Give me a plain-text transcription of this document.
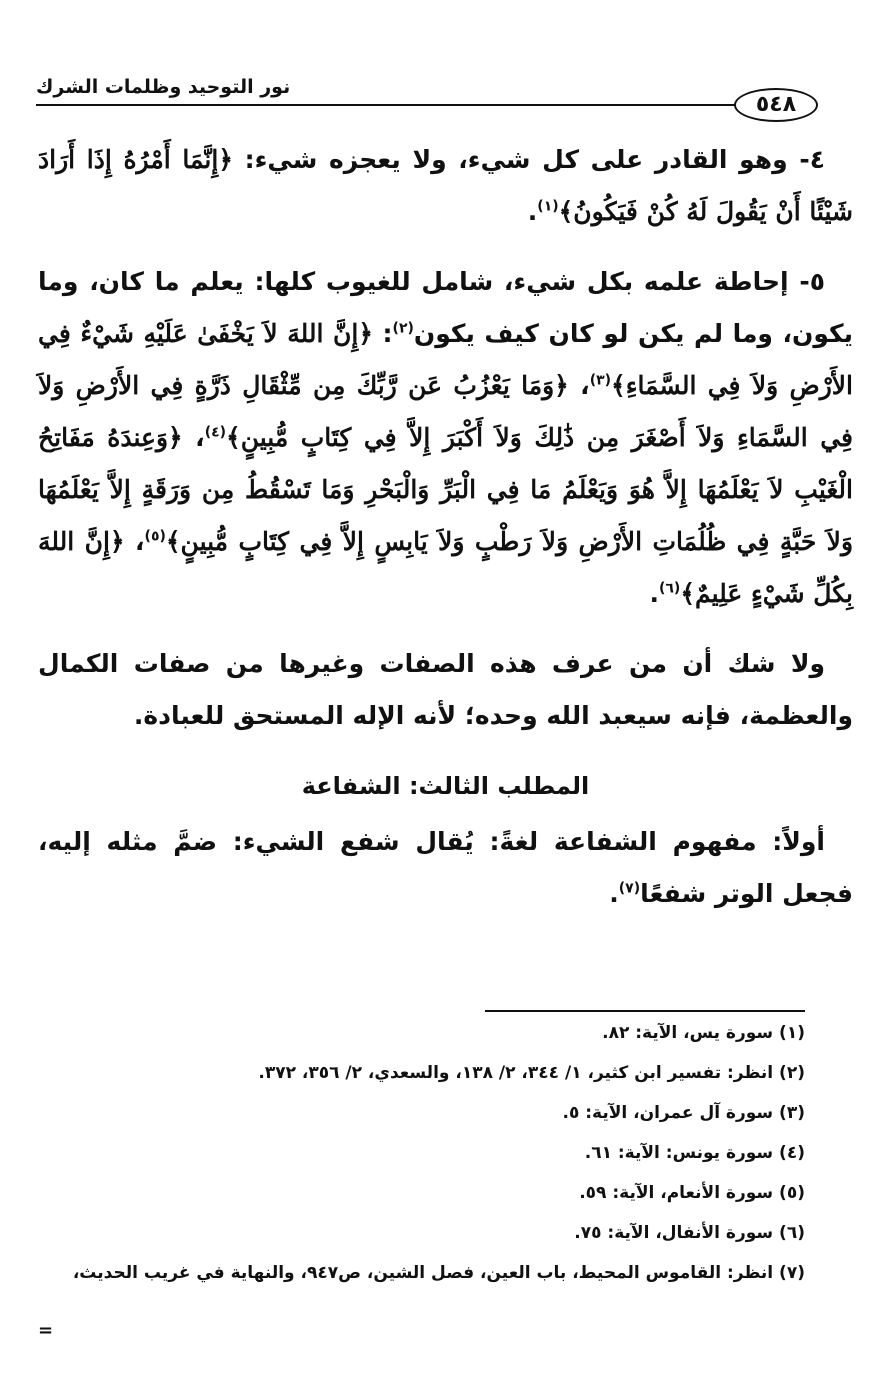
نور التوحيد وظلمات الشرك
٥٤٨

٤- وهو القادر على كل شيء، ولا يعجزه شيء: ﴿إِنَّمَا أَمْرُهُ إِذَا أَرَادَ شَيْئًا أَنْ يَقُولَ لَهُ كُنْ فَيَكُونُ﴾$^{(١)}$.

٥- إحاطة علمه بكل شيء، شامل للغيوب كلها: يعلم ما كان، وما يكون، وما لم يكن لو كان كيف يكون$^{(٢)}$: ﴿إِنَّ اللهَ لاَ يَخْفَىٰ عَلَيْهِ شَيْءٌ فِي الأَرْضِ وَلاَ فِي السَّمَاءِ﴾$^{(٣)}$، ﴿وَمَا يَعْزُبُ عَن رَّبِّكَ مِن مِّثْقَالِ ذَرَّةٍ فِي الأَرْضِ وَلاَ فِي السَّمَاءِ وَلاَ أَصْغَرَ مِن ذَٰلِكَ وَلاَ أَكْبَرَ إِلاَّ فِي كِتَابٍ مُّبِينٍ﴾$^{(٤)}$، ﴿وَعِندَهُ مَفَاتِحُ الْغَيْبِ لاَ يَعْلَمُهَا إِلاَّ هُوَ وَيَعْلَمُ مَا فِي الْبَرِّ وَالْبَحْرِ وَمَا تَسْقُطُ مِن وَرَقَةٍ إِلاَّ يَعْلَمُهَا وَلاَ حَبَّةٍ فِي ظُلُمَاتِ الأَرْضِ وَلاَ رَطْبٍ وَلاَ يَابِسٍ إِلاَّ فِي كِتَابٍ مُّبِينٍ﴾$^{(٥)}$، ﴿إِنَّ اللهَ بِكُلِّ شَيْءٍ عَلِيمٌ﴾$^{(٦)}$.

ولا شك أن من عرف هذه الصفات وغيرها من صفات الكمال والعظمة، فإنه سيعبد الله وحده؛ لأنه الإله المستحق للعبادة.

المطلب الثالث: الشفاعة

أولاً: مفهوم الشفاعة لغةً: يُقال شفع الشيء: ضمَّ مثله إليه، فجعل الوتر شفعًا$^{(٧)}$.

(١) سورة يس، الآية: ٨٢.
(٢) انظر: تفسير ابن كثير، ١/ ٣٤٤، ٢/ ١٣٨، والسعدي، ٢/ ٣٥٦، ٣٧٢.
(٣) سورة آل عمران، الآية: ٥.
(٤) سورة يونس: الآية: ٦١.
(٥) سورة الأنعام، الآية: ٥٩.
(٦) سورة الأنفال، الآية: ٧٥.
(٧) انظر: القاموس المحيط، باب العين، فصل الشين، ص٩٤٧، والنهاية في غريب الحديث،
=
